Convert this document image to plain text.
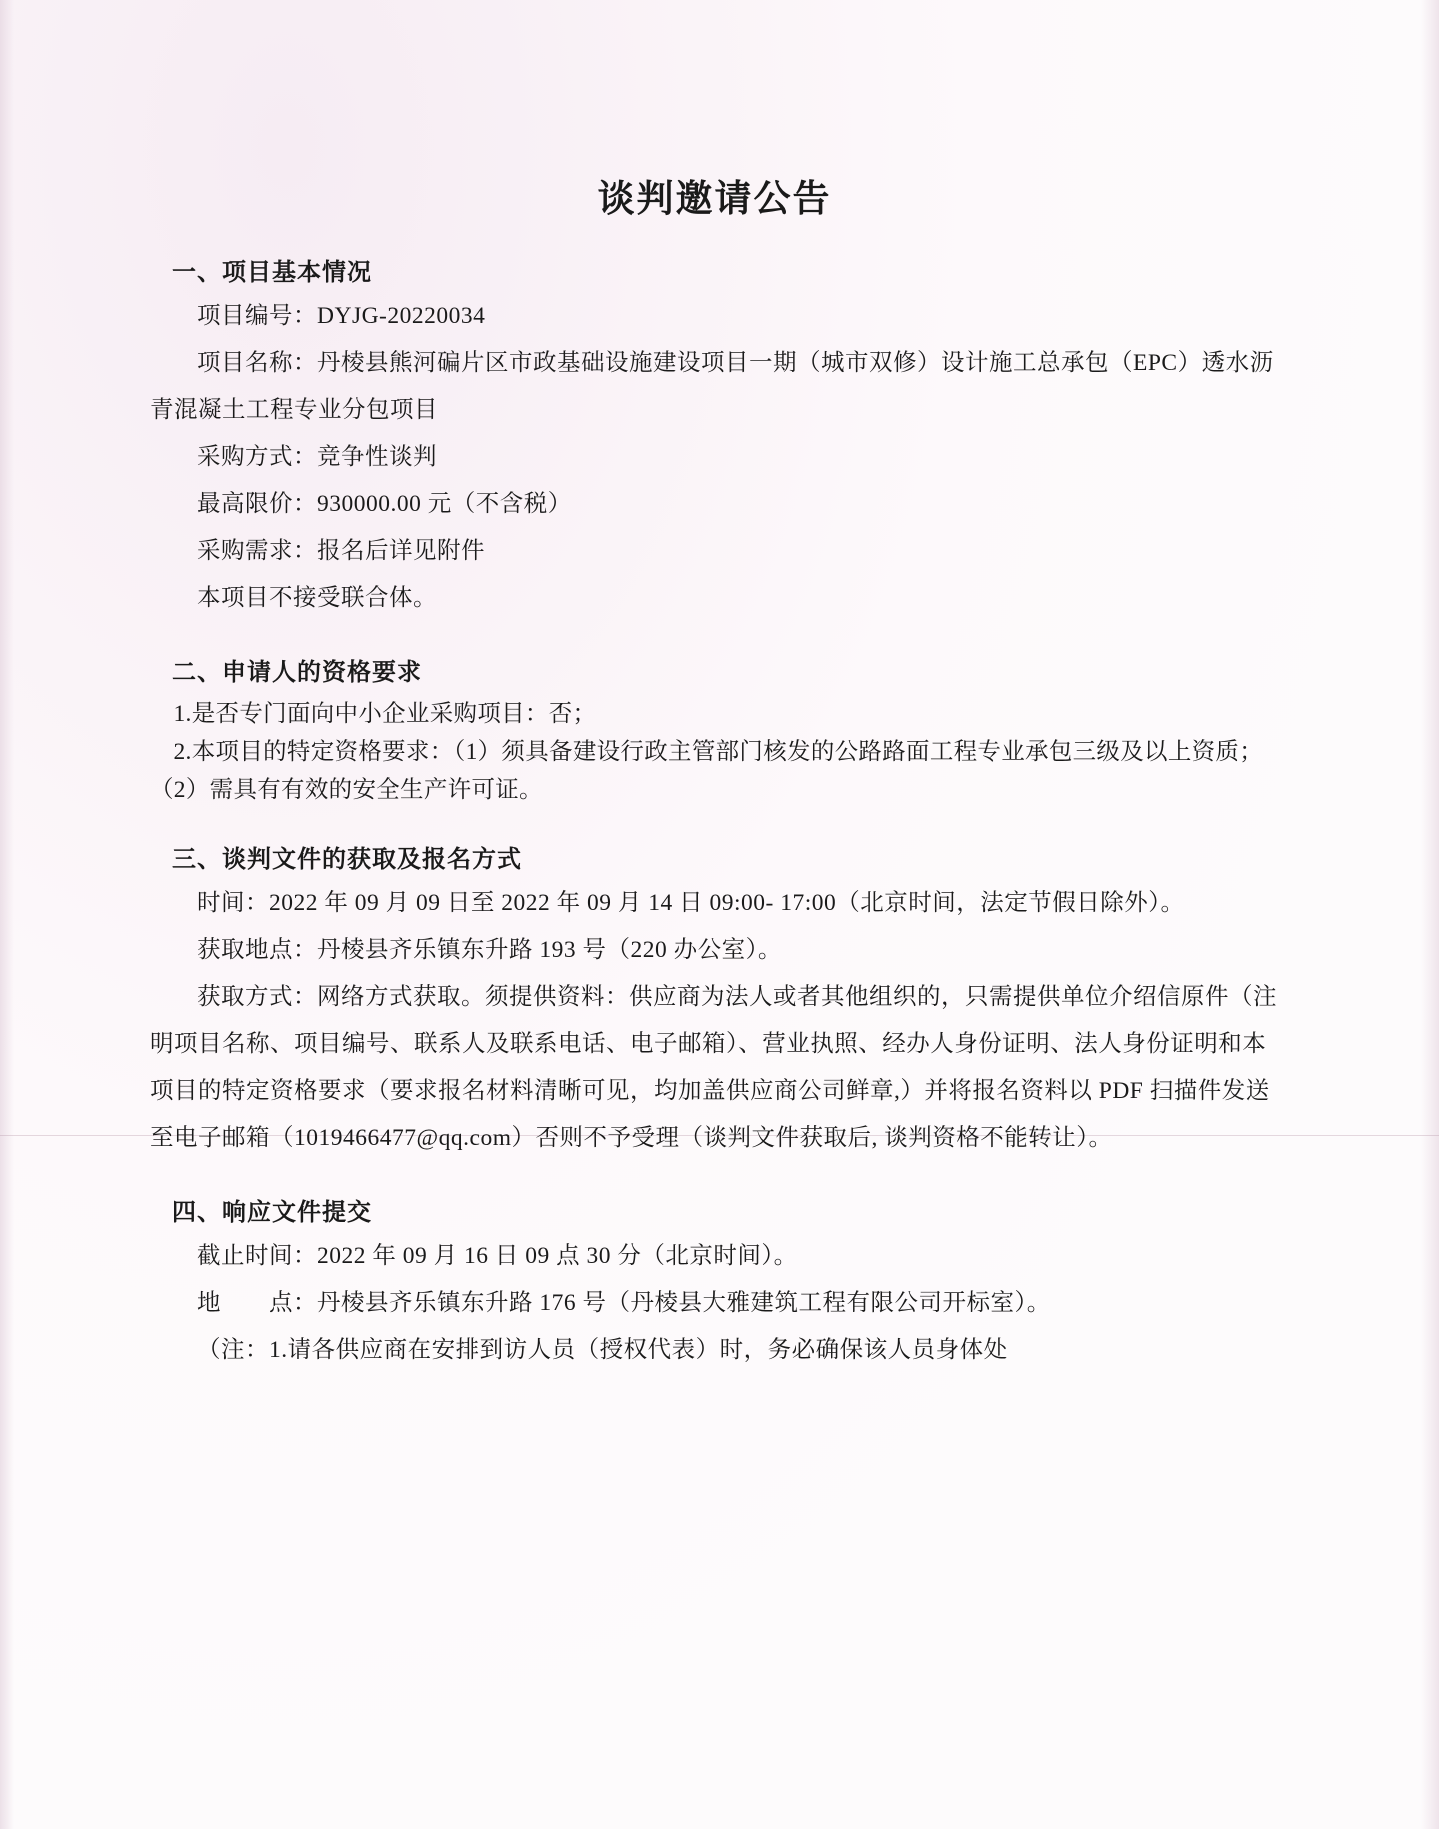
谈判邀请公告
一、项目基本情况

项目编号：DYJG-20220034

项目名称：丹棱县熊河碥片区市政基础设施建设项目一期（城市双修）设计施工总承包（EPC）透水沥青混凝土工程专业分包项目

采购方式：竞争性谈判

最高限价：930000.00 元（不含税）

采购需求：报名后详见附件

本项目不接受联合体。

二、申请人的资格要求

1.是否专门面向中小企业采购项目：否；

2.本项目的特定资格要求：（1）须具备建设行政主管部门核发的公路路面工程专业承包三级及以上资质；（2）需具有有效的安全生产许可证。

三、谈判文件的获取及报名方式

时间：2022 年 09 月 09 日至 2022 年 09 月 14 日 09:00- 17:00（北京时间，法定节假日除外）。

获取地点：丹棱县齐乐镇东升路 193 号（220 办公室）。

获取方式：网络方式获取。须提供资料：供应商为法人或者其他组织的，只需提供单位介绍信原件（注明项目名称、项目编号、联系人及联系电话、电子邮箱）、营业执照、经办人身份证明、法人身份证明和本项目的特定资格要求（要求报名材料清晰可见，均加盖供应商公司鲜章,）并将报名资料以 PDF 扫描件发送至电子邮箱（1019466477@qq.com）否则不予受理（谈判文件获取后, 谈判资格不能转让）。

四、响应文件提交

截止时间：2022 年 09 月 16 日 09 点 30 分（北京时间）。

地　　点：丹棱县齐乐镇东升路 176 号（丹棱县大雅建筑工程有限公司开标室）。

（注：1.请各供应商在安排到访人员（授权代表）时，务必确保该人员身体处
